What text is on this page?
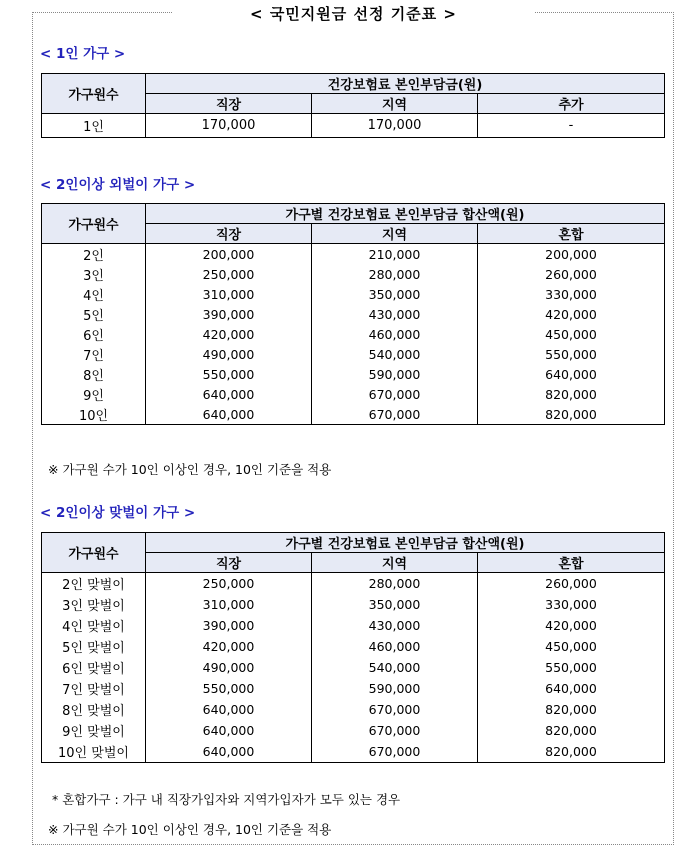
< 국민지원금 선정 기준표 >
< 1인 가구 >
가구원수	건강보험료 본인부담금(원)		
	직장	지역	추가
1인	170,000	170,000	-
< 2인이상 외벌이 가구 >
가구원수	가구별 건강보험료 본인부담금 합산액(원)		
	직장	지역	혼합
2인	200,000	210,000	200,000
3인	250,000	280,000	260,000
4인	310,000	350,000	330,000
5인	390,000	430,000	420,000
6인	420,000	460,000	450,000
7인	490,000	540,000	550,000
8인	550,000	590,000	640,000
9인	640,000	670,000	820,000
10인	640,000	670,000	820,000
※ 가구원 수가 10인 이상인 경우, 10인 기준을 적용
< 2인이상 맞벌이 가구 >
가구원수	가구별 건강보험료 본인부담금 합산액(원)		
	직장	지역	혼합
2인 맞벌이	250,000	280,000	260,000
3인 맞벌이	310,000	350,000	330,000
4인 맞벌이	390,000	430,000	420,000
5인 맞벌이	420,000	460,000	450,000
6인 맞벌이	490,000	540,000	550,000
7인 맞벌이	550,000	590,000	640,000
8인 맞벌이	640,000	670,000	820,000
9인 맞벌이	640,000	670,000	820,000
10인 맞벌이	640,000	670,000	820,000
* 혼합가구 : 가구 내 직장가입자와 지역가입자가 모두 있는 경우
※ 가구원 수가 10인 이상인 경우, 10인 기준을 적용
